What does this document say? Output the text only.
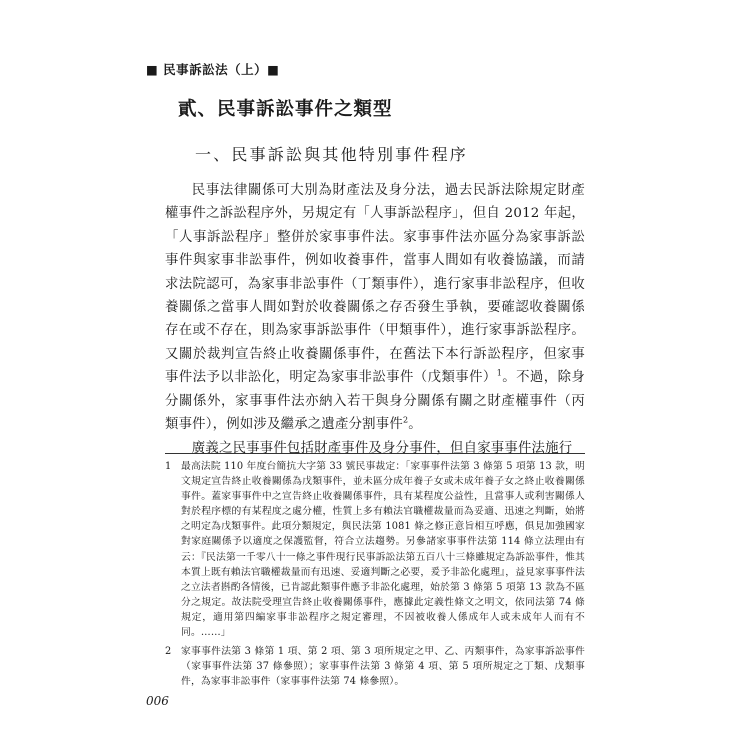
■ 民事訴訟法（上）■
貳、民事訴訟事件之類型
一、民事訴訟與其他特別事件程序

民事法律關係可大別為財產法及身分法，過去民訴法除規定財產權事件之訴訟程序外，另規定有「人事訴訟程序」，但自 2012 年起，「人事訴訟程序」整併於家事事件法。家事事件法亦區分為家事訴訟事件與家事非訟事件，例如收養事件，當事人間如有收養協議，而請求法院認可，為家事非訟事件（丁類事件），進行家事非訟程序，但收養關係之當事人間如對於收養關係之存否發生爭執，要確認收養關係存在或不存在，則為家事訴訟事件（甲類事件），進行家事訴訟程序。又關於裁判宣告終止收養關係事件，在舊法下本行訴訟程序，但家事事件法予以非訟化，明定為家事非訟事件（戊類事件）$^1$。不過，除身分關係外，家事事件法亦納入若干與身分關係有關之財產權事件（丙類事件），例如涉及繼承之遺產分割事件$^2$。

廣義之民事事件包括財產事件及身分事件，但自家事事件法施行

1 最高法院 110 年度台簡抗大字第 33 號民事裁定：「家事事件法第 3 條第 5 項第 13 款，明文規定宣告終止收養關係為戊類事件，並未區分成年養子女或未成年養子女之終止收養關係事件。蓋家事事件中之宣告終止收養關係事件，具有某程度公益性，且當事人或利害關係人對於程序標的有某程度之處分權，性質上多有賴法官職權裁量而為妥適、迅速之判斷，始將之明定為戊類事件。此項分類規定，與民法第 1081 條之修正意旨相互呼應，俱見加強國家對家庭關係予以適度之保護監督，符合立法趨勢。另參諸家事事件法第 114 條立法理由有云：『民法第一千零八十一條之事件現行民事訴訟法第五百八十三條雖規定為訴訟事件，惟其本質上既有賴法官職權裁量而有迅速、妥適判斷之必要，爰予非訟化處理』，益見家事事件法之立法者斟酌各情後，已肯認此類事件應予非訟化處理，始於第 3 條第 5 項第 13 款為不區分之規定。故法院受理宣告終止收養關係事件，應據此定義性條文之明文，依同法第 74 條規定，適用第四編家事非訟程序之規定審理，不因被收養人係成年人或未成年人而有不同。……」
2 家事事件法第 3 條第 1 項、第 2 項、第 3 項所規定之甲、乙、丙類事件，為家事訴訟事件（家事事件法第 37 條參照）；家事事件法第 3 條第 4 項、第 5 項所規定之丁類、戊類事件，為家事非訟事件（家事事件法第 74 條參照）。
006
